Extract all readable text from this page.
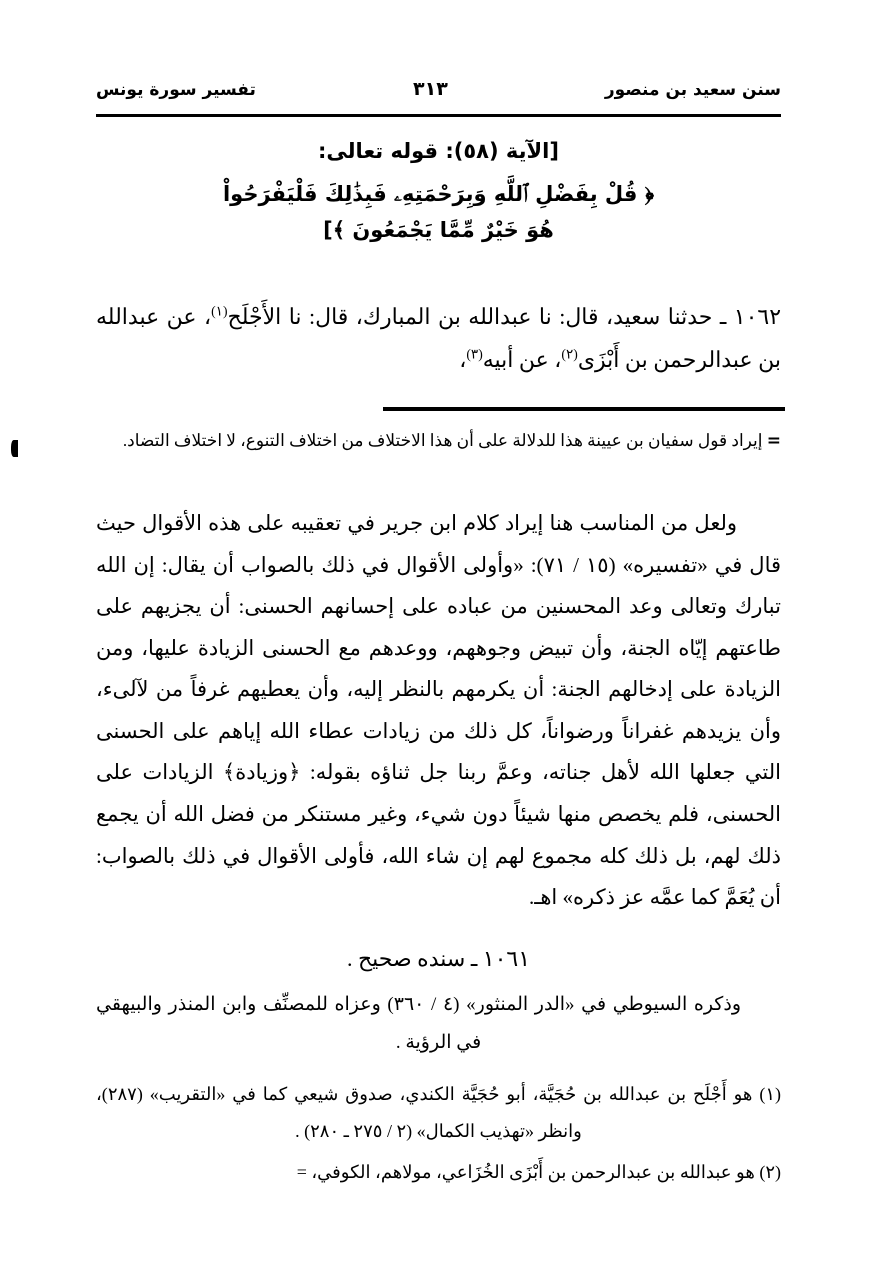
سنن سعيد بن منصور
٣١٣
تفسير سورة يونس
[الآية (٥٨): قوله تعالى:
﴿ قُلْ بِفَضْلِ ٱللَّهِ وَبِرَحْمَتِهِۦ فَبِذَٰلِكَ فَلْيَفْرَحُواْ
هُوَ خَيْرٌ مِّمَّا يَجْمَعُونَ ﴾]
١٠٦٢ ـ حدثنا سعيد، قال: نا عبدالله بن المبارك، قال: نا الأَجْلَح$^{(١)}$، عن عبدالله بن عبدالرحمن بن أَبْزَى$^{(٢)}$، عن أبيه$^{(٣)}$،
= إيراد قول سفيان بن عيينة هذا للدلالة على أن هذا الاختلاف من اختلاف التنوع، لا اختلاف التضاد.
ولعل من المناسب هنا إيراد كلام ابن جرير في تعقيبه على هذه الأقوال حيث قال في «تفسيره» (١٥ / ٧١): «وأولى الأقوال في ذلك بالصواب أن يقال: إن الله تبارك وتعالى وعد المحسنين من عباده على إحسانهم الحسنى: أن يجزيهم على طاعتهم إيّاه الجنة، وأن تبيض وجوههم، ووعدهم مع الحسنى الزيادة عليها، ومن الزيادة على إدخالهم الجنة: أن يكرمهم بالنظر إليه، وأن يعطيهم غرفاً من لآلىء، وأن يزيدهم غفراناً ورضواناً، كل ذلك من زيادات عطاء الله إياهم على الحسنى التي جعلها الله لأهل جناته، وعمَّ ربنا جل ثناؤه بقوله: ﴿وزيادة﴾ الزيادات على الحسنى، فلم يخصص منها شيئاً دون شيء، وغير مستنكر من فضل الله أن يجمع ذلك لهم، بل ذلك كله مجموع لهم إن شاء الله، فأولى الأقوال في ذلك بالصواب: أن يُعَمَّ كما عمَّه عز ذكره» اهـ.
١٠٦١ ـ سنده صحيح .
وذكره السيوطي في «الدر المنثور» (٤ / ٣٦٠) وعزاه للمصنِّف وابن المنذر والبيهقي في الرؤية .

(١) هو أَجْلَح بن عبدالله بن حُجَيَّة، أبو حُجَيَّة الكندي، صدوق شيعي كما في «التقريب» (٢٨٧)، وانظر «تهذيب الكمال» (٢ / ٢٧٥ ـ ٢٨٠) .

(٢) هو عبدالله بن عبدالرحمن بن أَبْزَى الخُزَاعي، مولاهم، الكوفي، =
